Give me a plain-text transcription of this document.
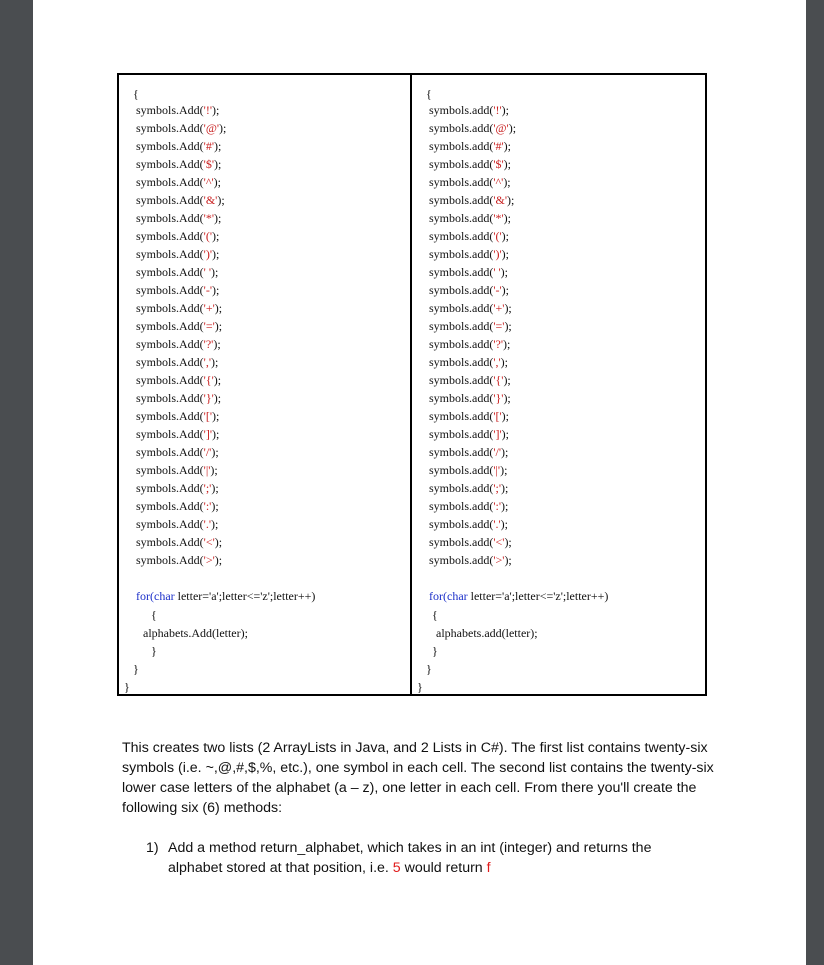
{
symbols.Add('!');
symbols.Add('@');
symbols.Add('#');
symbols.Add('$');
symbols.Add('^');
symbols.Add('&');
symbols.Add('*');
symbols.Add('(');
symbols.Add(')');
symbols.Add(' ');
symbols.Add('-');
symbols.Add('+');
symbols.Add('=');
symbols.Add('?');
symbols.Add(',');
symbols.Add('{');
symbols.Add('}');
symbols.Add('[');
symbols.Add(']');
symbols.Add('/');
symbols.Add('|');
symbols.Add(';');
symbols.Add(':');
symbols.Add('.');
symbols.Add('<');
symbols.Add('>');
for(char letter='a';letter<='z';letter++)
{
alphabets.Add(letter);
}
}
}
{
symbols.add('!');
symbols.add('@');
symbols.add('#');
symbols.add('$');
symbols.add('^');
symbols.add('&');
symbols.add('*');
symbols.add('(');
symbols.add(')');
symbols.add(' ');
symbols.add('-');
symbols.add('+');
symbols.add('=');
symbols.add('?');
symbols.add(',');
symbols.add('{');
symbols.add('}');
symbols.add('[');
symbols.add(']');
symbols.add('/');
symbols.add('|');
symbols.add(';');
symbols.add(':');
symbols.add('.');
symbols.add('<');
symbols.add('>');
for(char letter='a';letter<='z';letter++)
{
alphabets.add(letter);
}
}
}
This creates two lists (2 ArrayLists in Java, and 2 Lists in C#). The first list contains twenty-six symbols (i.e. ~,@,#,$,%, etc.), one symbol in each cell. The second list contains the twenty-six lower case letters of the alphabet (a – z), one letter in each cell. From there you'll create the following six (6) methods:
1) Add a method return_alphabet, which takes in an int (integer) and returns the alphabet stored at that position, i.e. 5 would return f
